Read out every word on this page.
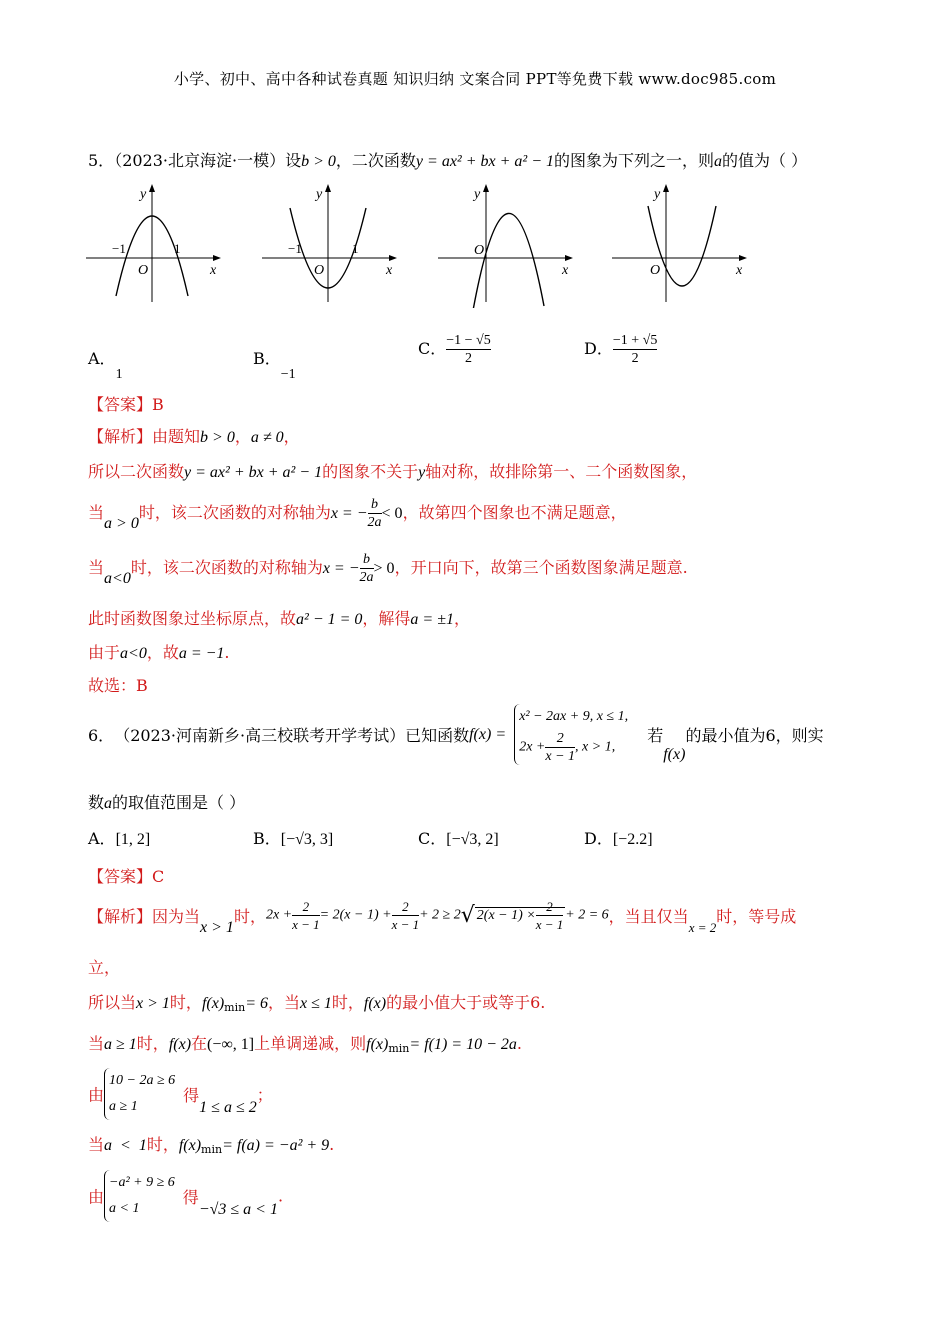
小学、初中、高中各种试卷真题 知识归纳 文案合同 PPT等免费下载 www.doc985.com
5．（2023·北京海淀·一模）设b > 0，二次函数y = ax² + bx + a² − 1的图象为下列之一，则a的值为（ ）
y
x
O
−1	1
y
x
O
−1	1
y
x
O
y
x
O
A．1
B．−1
C． $\frac{-1 - √5}{2}$	D． $\frac{-1 + √5}{2}$
【答案】B
【解析】由题知b > 0，a ≠ 0，
所以二次函数y = ax² + bx + a² − 1的图象不关于y轴对称，故排除第一、二个函数图象，
当a > 0时，该二次函数的对称轴为x = − $\frac{b}{2a} < 0$，故第四个图象也不满足题意，
当a<0时，该二次函数的对称轴为x = − $\frac{b}{2a} > 0$，开口向下，故第三个函数图象满足题意.
此时函数图象过坐标原点，故a² − 1 = 0，解得a = ±1，
由于a<0，故a = −1.
故选：B
6．（2023·河南新乡·高三校联考开学考试）已知函数f(x) =
x² − 2ax + 9, x ≤ 1,
$2x + \frac{2}{x - 1}$ , x > 1,
若f(x)的最小值为6，则实
数a的取值范围是（ ）
A．[1, 2]	B．[−√3, 3]	C．[−√3, 2]	D．[−2.2]
【答案】C
【解析】因为当x > 1时，$2x + \frac{2}{x - 1} = 2(x - 1) + \frac{2}{x - 1} + 2 \ge 2√$ $2(x - 1) \times \frac{2}{x - 1} + 2 = 6$，当且仅当$_{x = 2}$时，等号成
立，
所以当x > 1时，$f(x)_{min}= 6$，当x ≤ 1时，f(x)的最小值大于或等于6.
当a ≥ 1时，f(x)在(−∞, 1]上单调递减，则$f(x)_{min}= f(1) = 10 - 2a$.
由
10 − 2a ≥ 6
a ≥ 1
得1 ≤ a ≤ 2；
当a  <  1时，$f(x)_{min}= f(a) = -a^2 + 9$.
由
−a² + 9 ≥ 6
a < 1
得−√3 ≤ a < 1.
